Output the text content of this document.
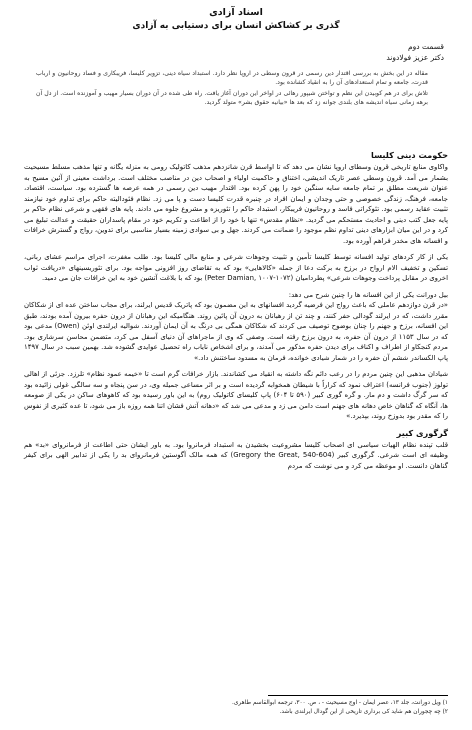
اسناد آزادی
گذری بر کشاکش انسان برای دستیابی به آزادی
قسمت دوم
دکتر عزیز فولادوند

مقاله در این بخش به بررسی اقتدار دین رسمی در قرون وسطی در اروپا نظر دارد. استبداد سیاه دینی، تزویر کلیسا، فریبکاری و فساد روحانیون و ارباب قدرت، جامعه و تمام استعدادهای آن را به انقیاد کشانده بود.

تلاش برای در هم کوبیدن این نظم و تواختن شیپور رهائی در اواخر این دوران آغاز یافت. راه طی شده در آن دوران بسیار مهیب و آموزنده است. از دل آن برهه زمانی سیاه اندیشه های بلندی جوانه زد که بعد ها «بیانیه حقوق بشر» متولد گردید.

حکومت دینی کلیسا

واکاوی منابع تاریخی قرون وسطای اروپا نشان می دهد که تا اواسط قرن شانزدهم مذهب کاتولیک رومی به منزله یگانه و تنها مذهب مسلط مسیحیت بشمار می آمد. قرون وسطی عصر تاریک اندیشی، اختناق و حاکمیت اولیاء و اصحاب دین در مناصب مختلف است. برداشت معینی از آئین مسیح به عنوان شریعت مطلق بر تمام جامعه سایه سنگین خود را پهن کرده بود. اقتدار مهیب دین رسمی در همه عرصه ها گسترده بود. سیاست، اقتصاد، جامعه، فرهنگ، زندگی خصوصی و حتی وجدان و ایمان افراد در چنبره قدرت کلیسا دست و پا می زد. نظام فئودالیته حاکم برای تداوم خود نیازمند تثبیت عقاید رسمی بود. تئوکراتی فاسد و روحانیون فریبکار، استبداد حاکم را تئوریزه و مشروع جلوه می دادند. پایه های فقهی و شرعی نظام حاکم بر پایه جعل کتب دینی و احادیث مستحکم می گردید. «نظام مقدس» تنها با خود را از اطاعت و تکریم خود در مقام پاسداران حقیقت و عدالت تبلیغ می کرد و در این میان ابزارهای دینی تداوم نظم موجود را ضمانت می کردند. جهل و بی سوادی زمینه بسیار مناسبی برای تدوین، رواج و گسترش خرافات و افسانه های مخدر فراهم آورده بود.

یکی از کار کردهای تولید افسانه توسط کلیسا تأمین و تثبیت وجوهات شرعی و منابع مالی کلیسا بود. طلب مغفرت، اجرای مراسم عشای ربانی، تسکین و تخفیف الام ارواح در برزخ به برکت دعا از جمله «کالاهایی» بود که به تقاضای روز افزونی مواجه بود. برای تئوریسینهای «دریافت ثواب اخروی در مقابل پرداخت وجوهات شرعی» پطرداميان (Peter Damian, ۱۰۰۷-۱۰۷۲) بود که با بلاغت آتشین خود به این خرافات جان می دمید.

بیل دورانت یکی از این افسانه ها را چنین شرح می دهد:

«در قرن دوازدهم عاملی که باعث رواج این فرضیه گردید افسانهای به این مضمون بود که پاتریک قدیس ایرلند، برای مجاب ساختن عده ای از شکاکان مقرر داشت، که در ایرلند گودالی حفر کنند، و چند تن از رهبانان به درون آن پائین روند. هنگامیکه این رهبانان از درون حفره بیرون آمده بودند، طبق این افسانه، برزخ و جهنم را چنان بوضوح توصیف می کردند که شکاکان همگی بی درنگ به آن ایمان آوردند. شوالیه ایرلندی اوئن (Owen) مدعی بود که در سال ۱۱۵۳ از درون آن حفره، به درون برزخ رفته است. وصفی که وی از ماجراهای آن دنیای آسفل می کرد، متضمن محاسن سرشاری بود. مردم کنجکاو از اطراف و اکناف برای دیدن حفره مذکور می آمدند، و برای اشخاص نایاب راه تحصیل عوایدی گشوده شد. بهمین سبب در سال ۱۴۹۷ پاپ الکساندر ششم آن حفره را در شمار شیادی خوانده، فرمان به مسدود ساختنش داد.»

شیادان مذهبی این چنین مردم را در رعب دائم نگه داشته به انقیاد می کشاندند. بازار خرافات گرم است تا «خیمه عمود نظام» تلرزد. جزئی از اهالی تولوز (جنوب فرانسه) اعتراف نمود که کراراً با شیطان همخوابه گردیده است و بر اثر مساعی جمیله وی، در سن پنجاه و سه سالگی غولی زائیده بود که سر گرگ داشت و دم مار. و گره گوری کبیر (۵۹۰ تا ۶۰۴) پاپ کلیسای کاتولیک روم) به این باور رسیده بود که کاهوهای ساکن در یکی از صومعه ها، آنگاه که گناهان خاص دهانه های جهنم است دامن می زد و مدعی می شد که «دهانه آتش فشان اتنا همه روزه باز می شود، تا عده کثیری از نفوس را که مقدر بود بدوزخ روند، بپذیرد.»

گرگوری کبیر

قلب تپنده نظام الهیات سیاسی ای اصحاب کلیسا مشروعیت بخشیدن به استبداد فرمانروا بود. به باور ایشان حتی اطاعت از فرمانروای «بد» هم وظیفه ای است شرعی. گرگوری کبیر (Gregory the Great, 540-604) که همه مالک آگوستین فرمانروای بد را یکی از تدابیر الهی برای کیفر گناهان دانست. او موعظه می کرد و می نوشت که مردم

۱) ویل دورانت، جلد ۱۳، عصر ایمان - اوج مسیحیت - ، ص. ۳۰۰، ترجمه ابوالقاسم طاهری.
۲) چه چجوران هم شاید کی برداری تاریخی از این گودال ایرلندی باشد.
